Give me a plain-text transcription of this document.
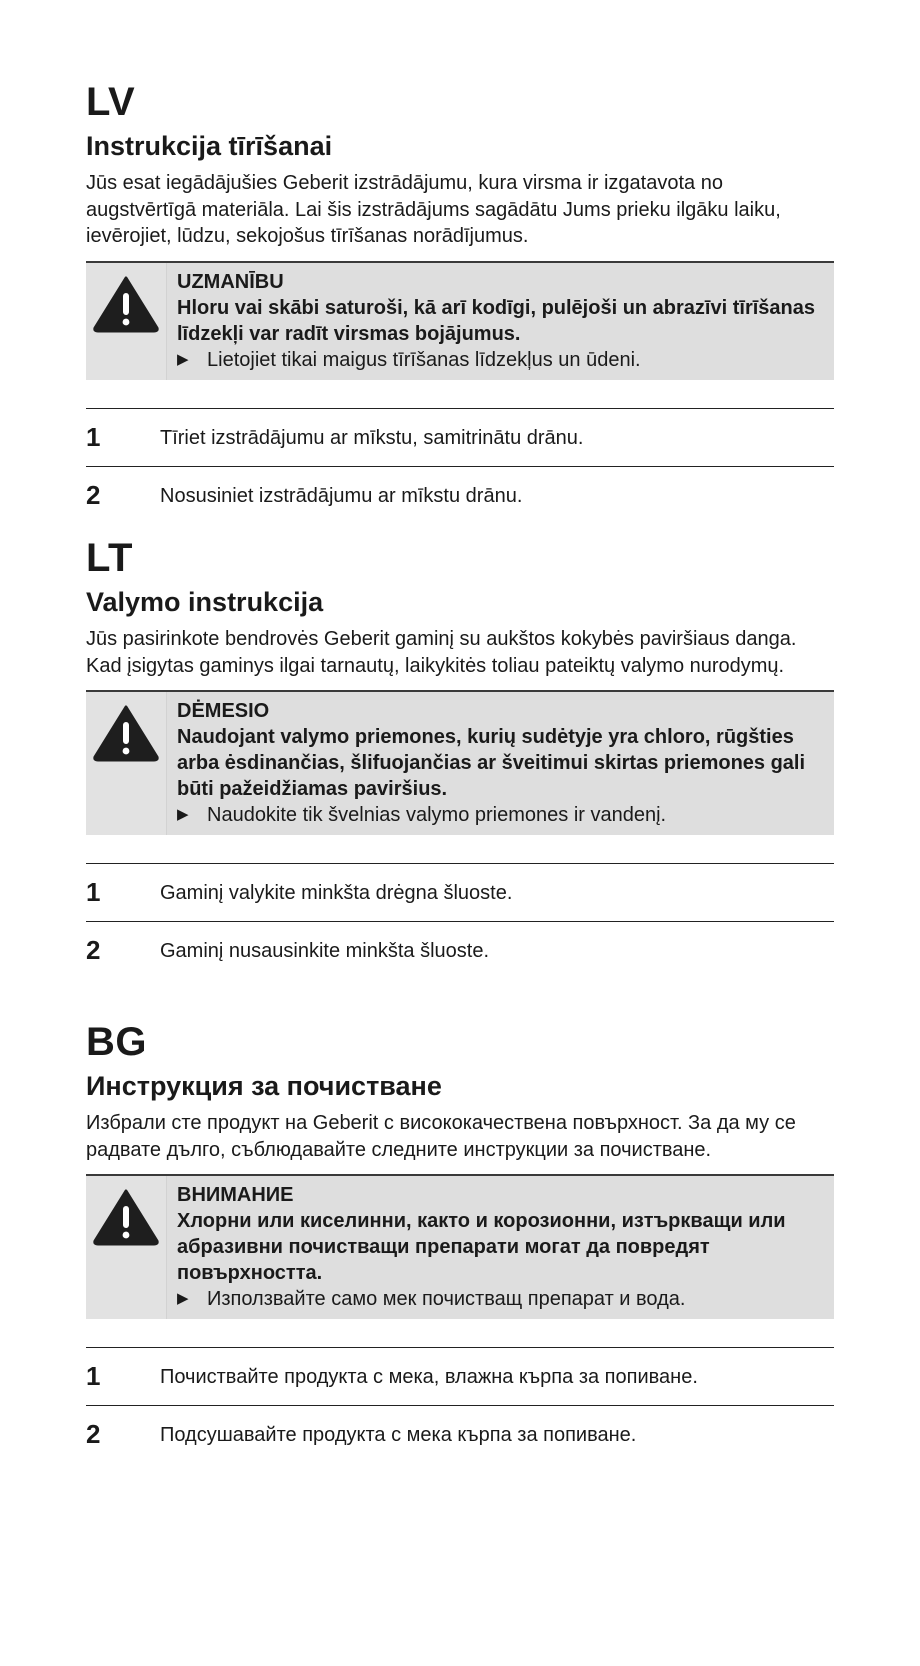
LV
Instrukcija tīrīšanai
Jūs esat iegādājušies Geberit izstrādājumu, kura virsma ir izgatavota no augstvērtīgā materiāla. Lai šis izstrādājums sagādātu Jums prieku ilgāku laiku, ievērojiet, lūdzu, sekojošus tīrīšanas norādījumus.
UZMANĪBU
Hloru vai skābi saturoši, kā arī kodīgi, pulējoši un abrazīvi tīrīšanas līdzekļi var radīt virsmas bojājumus.
▶ Lietojiet tikai maigus tīrīšanas līdzekļus un ūdeni.
1	Tīriet izstrādājumu ar mīkstu, samitrinātu drānu.
2	Nosusiniet izstrādājumu ar mīkstu drānu.
LT
Valymo instrukcija
Jūs pasirinkote bendrovės Geberit gaminį su aukštos kokybės paviršiaus danga. Kad įsigytas gaminys ilgai tarnautų, laikykitės toliau pateiktų valymo nurodymų.
DĖMESIO
Naudojant valymo priemones, kurių sudėtyje yra chloro, rūgšties arba ėsdinančias, šlifuojančias ar šveitimui skirtas priemones gali būti pažeidžiamas paviršius.
▶ Naudokite tik švelnias valymo priemones ir vandenį.
1	Gaminį valykite minkšta drėgna šluoste.
2	Gaminį nusausinkite minkšta šluoste.
BG
Инструкция за почистване
Избрали сте продукт на Geberit с висококачествена повърхност. За да му се радвате дълго, съблюдавайте следните инструкции за почистване.
ВНИМАНИЕ
Хлорни или киселинни, както и корозионни, изтъркващи или абразивни почистващи препарати могат да повредят повърхността.
▶ Използвайте само мек почистващ препарат и вода.
1	Почиствайте продукта с мека, влажна кърпа за попиване.
2	Подсушавайте продукта с мека кърпа за попиване.
